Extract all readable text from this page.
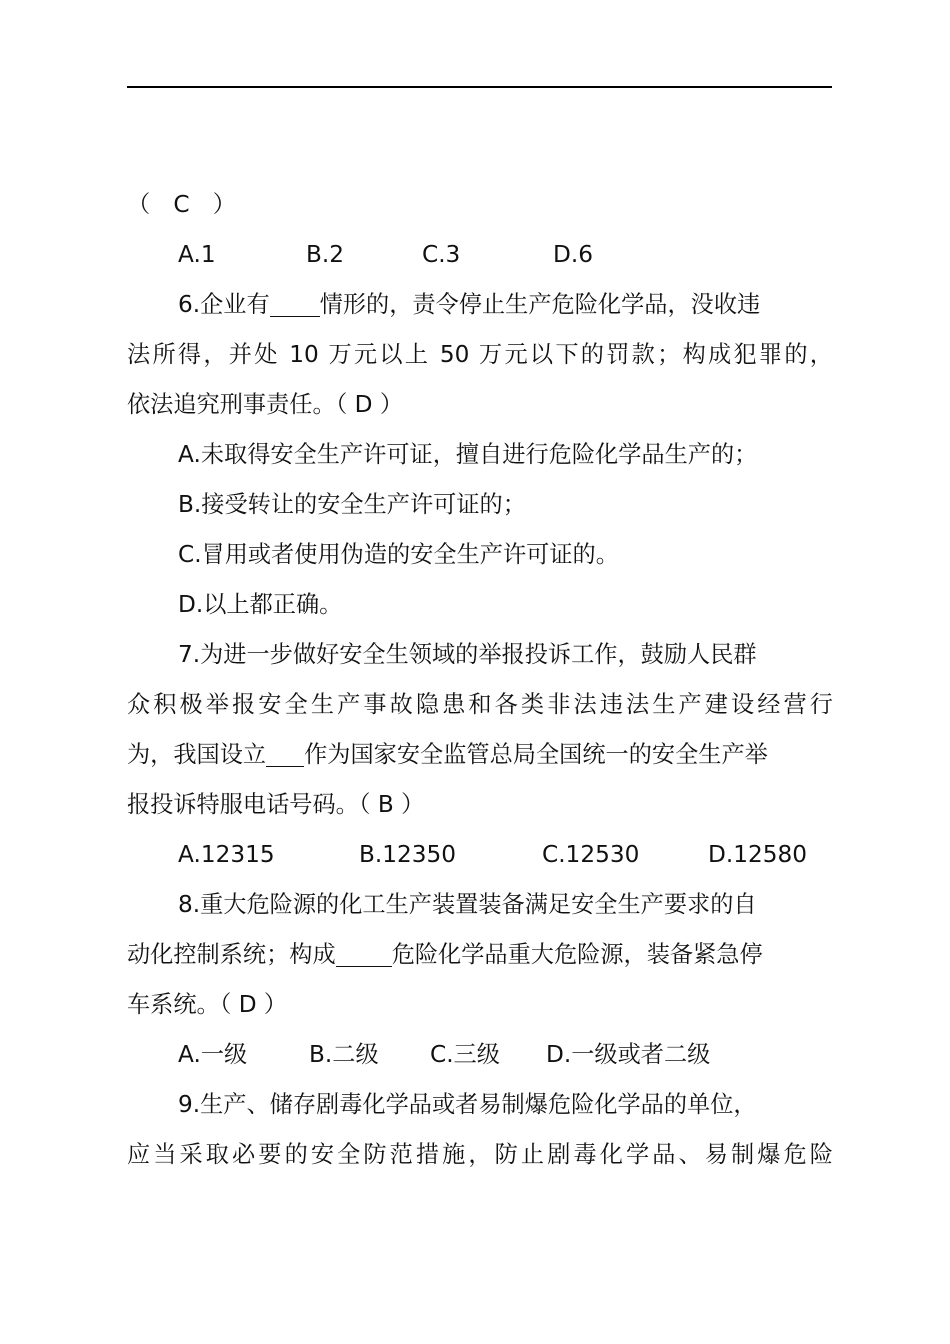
（　C　）
A.1	B.2	C.3	D.6
6.企业有 情形的，责令停止生产危险化学品，没收违
法所得，并处 10 万元以上 50 万元以下的罚款；构成犯罪的，
依法追究刑事责任。（ D ）
A.未取得安全生产许可证，擅自进行危险化学品生产的；
B.接受转让的安全生产许可证的；
C.冒用或者使用伪造的安全生产许可证的。
D.以上都正确。
7.为进一步做好安全生领域的举报投诉工作，鼓励人民群
众积极举报安全生产事故隐患和各类非法违法生产建设经营行
为，我国设立 作为国家安全监管总局全国统一的安全生产举
报投诉特服电话号码。（ B ）
A.12315	B.12350	C.12530	D.12580
8.重大危险源的化工生产装置装备满足安全生产要求的自
动化控制系统；构成 危险化学品重大危险源，装备紧急停
车系统。（ D ）
A.一级	B.二级 C.三级 D.一级或者二级
9.生产、储存剧毒化学品或者易制爆危险化学品的单位，
应当采取必要的安全防范措施，防止剧毒化学品、易制爆危险
